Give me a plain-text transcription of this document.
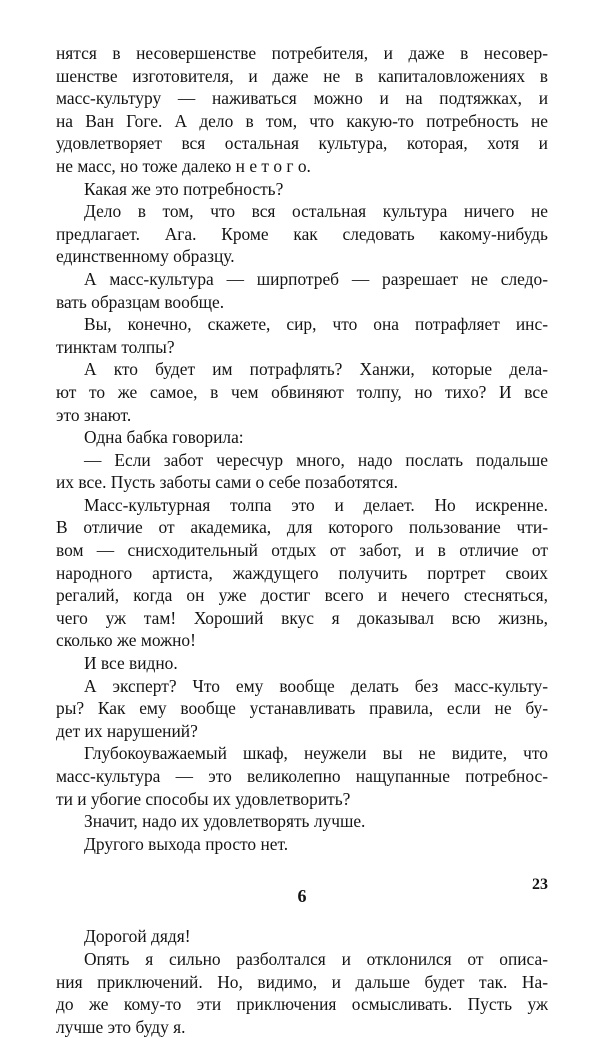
нятся в несовершенстве потребителя, и даже в несовер-
шенстве изготовителя, и даже не в капиталовложениях в
масс-культуру — наживаться можно и на подтяжках, и
на Ван Гоге. А дело в том, что какую-то потребность не
удовлетворяет вся остальная культура, которая, хотя и
не масс, но тоже далеко н е т о г о.
Какая же это потребность?
Дело в том, что вся остальная культура ничего не
предлагает. Ага. Кроме как следовать какому-нибудь
единственному образцу.
А масс-культура — ширпотреб — разрешает не следо-
вать образцам вообще.
Вы, конечно, скажете, сир, что она потрафляет инс-
тинктам толпы?
А кто будет им потрафлять? Ханжи, которые дела-
ют то же самое, в чем обвиняют толпу, но тихо? И все
это знают.
Одна бабка говорила:
— Если забот чересчур много, надо послать подальше
их все. Пусть заботы сами о себе позаботятся.
Масс-культурная толпа это и делает. Но искренне.
В отличие от академика, для которого пользование чти-
вом — снисходительный отдых от забот, и в отличие от
народного артиста, жаждущего получить портрет своих
регалий, когда он уже достиг всего и нечего стесняться,
чего уж там! Хороший вкус я доказывал всю жизнь,
сколько же можно!
И все видно.
А эксперт? Что ему вообще делать без масс-культу-
ры? Как ему вообще устанавливать правила, если не бу-
дет их нарушений?
Глубокоуважаемый шкаф, неужели вы не видите, что
масс-культура — это великолепно нащупанные потребнос-
ти и убогие способы их удовлетворить?
Значит, надо их удовлетворять лучше.
Другого выхода просто нет.
6
Дорогой дядя!
Опять я сильно разболтался и отклонился от описа-
ния приключений. Но, видимо, и дальше будет так. На-
до же кому-то эти приключения осмысливать. Пусть уж
лучше это буду я.
23
